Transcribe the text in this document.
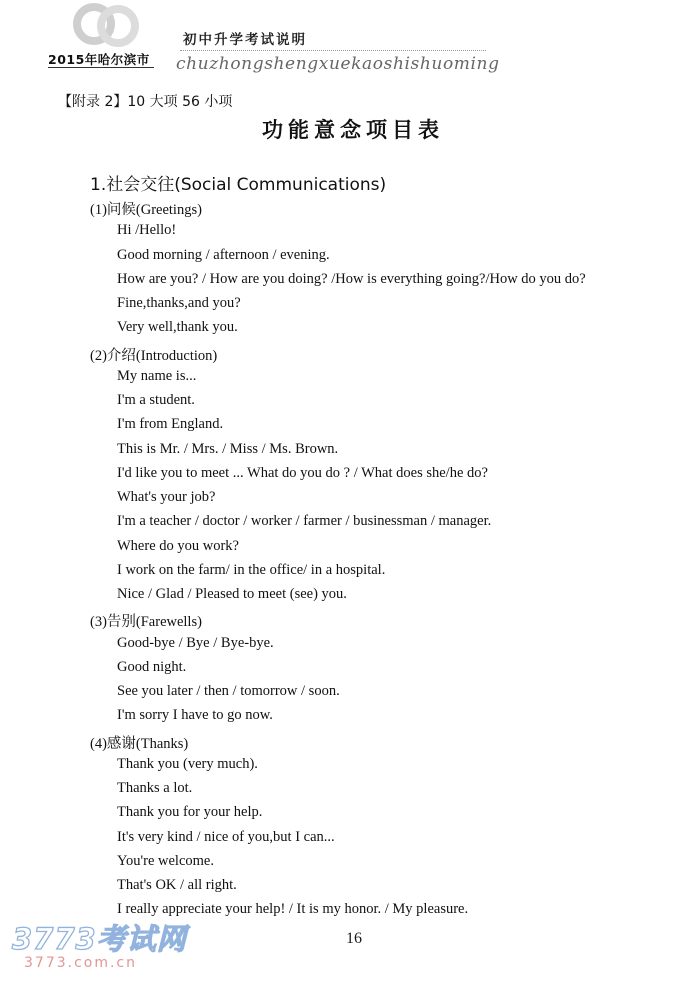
2015年哈尔滨市
初中升学考试说明
chuzhongshengxuekaoshishuoming
【附录 2】10 大项 56 小项
功能意念项目表
1.社会交往(Social Communications)
(1)问候(Greetings)
Hi /Hello!
Good morning / afternoon / evening.
How are you? / How are you doing? /How is everything going?/How do you do?
Fine,thanks,and you?
Very well,thank you.
(2)介绍(Introduction)
My name is...
I'm a student.
I'm from England.
This is Mr. / Mrs. / Miss / Ms. Brown.
I'd like you to meet ... What do you do ? / What does she/he do?
What's your job?
I'm a teacher / doctor / worker / farmer / businessman / manager.
Where do you work?
I work on the farm/ in the office/ in a hospital.
Nice / Glad / Pleased to meet (see) you.
(3)告别(Farewells)
Good-bye / Bye / Bye-bye.
Good night.
See you later / then / tomorrow / soon.
I'm sorry I have to go now.
(4)感谢(Thanks)
Thank you (very much).
Thanks a lot.
Thank you for your help.
It's very kind / nice of you,but I can...
You're welcome.
That's OK / all right.
I really appreciate your help! / It is my honor. / My pleasure.
16
3773考试网
3773.com.cn
